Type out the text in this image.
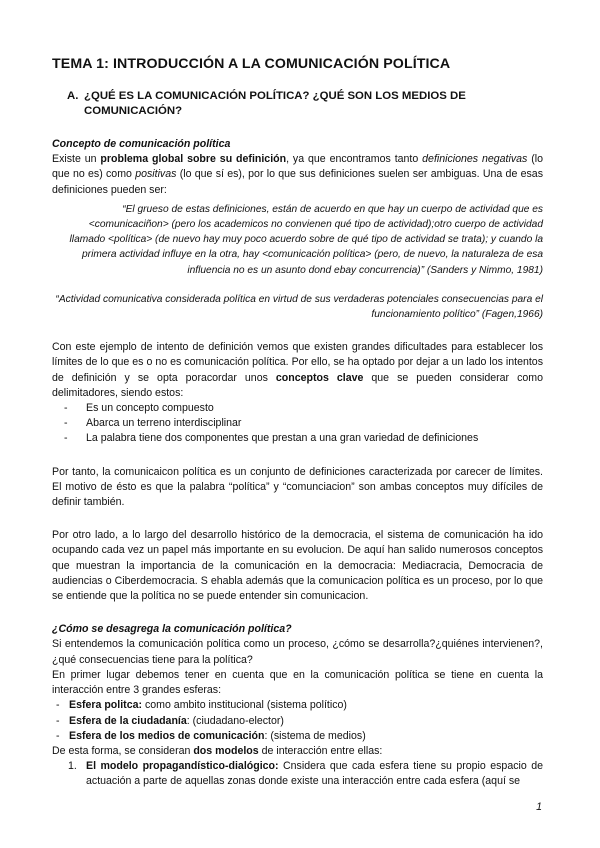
TEMA 1: INTRODUCCIÓN A LA COMUNICACIÓN POLÍTICA
A. ¿QUÉ ES LA COMUNICACIÓN POLÍTICA? ¿QUÉ SON LOS MEDIOS DE
COMUNICACIÓN?
Concepto de comunicación política

Existe un problema global sobre su definición, ya que encontramos tanto definiciones negativas (lo que no es) como positivas (lo que sí es), por lo que sus definiciones suelen ser ambiguas. Una de esas definiciones pueden ser:

“El grueso de estas definiciones, están de acuerdo en que hay un cuerpo de actividad que es <comunicaciñon> (pero los academicos no convienen qué tipo de actividad);otro cuerpo de actividad llamado <política> (de nuevo hay muy poco acuerdo sobre de qué tipo de actividad se trata); y cuando la primera actividad influye en la otra, hay <comunicación política> (pero, de nuevo, la naturaleza de esa influencia no es un asunto dond ebay concurrencia)” (Sanders y Nimmo, 1981)

“Actividad comunicativa considerada política en virtud de sus verdaderas potenciales consecuencias para el funcionamiento político” (Fagen,1966)

Con este ejemplo de intento de definición vemos que existen grandes dificultades para establecer los límites de lo que es o no es comunicación política. Por ello, se ha optado por dejar a un lado los intentos de definición y se opta poracordar unos conceptos clave que se pueden considerar como delimitadores, siendo estos:

- Es un concepto compuesto
- Abarca un terreno interdisciplinar
- La palabra tiene dos componentes que prestan a una gran variedad de definiciones

Por tanto, la comunicaicon política es un conjunto de definiciones caracterizada por carecer de límites. El motivo de ésto es que la palabra “política” y “comunciacion” son ambas conceptos muy difíciles de definir también.

Por otro lado, a lo largo del desarrollo histórico de la democracia, el sistema de comunicación ha ido ocupando cada vez un papel más importante en su evolucion. De aquí han salido numerosos conceptos que muestran la importancia de la comunicación en la democracia: Mediacracia, Democracia de audiencias o Ciberdemocracia. S ehabla además que la comunicacion política es un proceso, por lo que se entiende que la política no se puede entender sin comunicacion.

¿Cómo se desagrega la comunicación política?

Si entendemos la comunicación política como un proceso, ¿cómo se desarrolla?¿quiénes intervienen?,¿qué consecuencias tiene para la política?

En primer lugar debemos tener en cuenta que en la comunicación política se tiene en cuenta la interacción entre 3 grandes esferas:

- Esfera politca: como ambito institucional (sistema político)
- Esfera de la ciudadanía: (ciudadano-elector)
- Esfera de los medios de comunicación: (sistema de medios)

De esta forma, se consideran dos modelos de interacción entre ellas:

1. El modelo propagandístico-dialógico: Cnsidera que cada esfera tiene su propio espacio de actuación a parte de aquellas zonas donde existe una interacción entre cada esfera (aquí se
1
